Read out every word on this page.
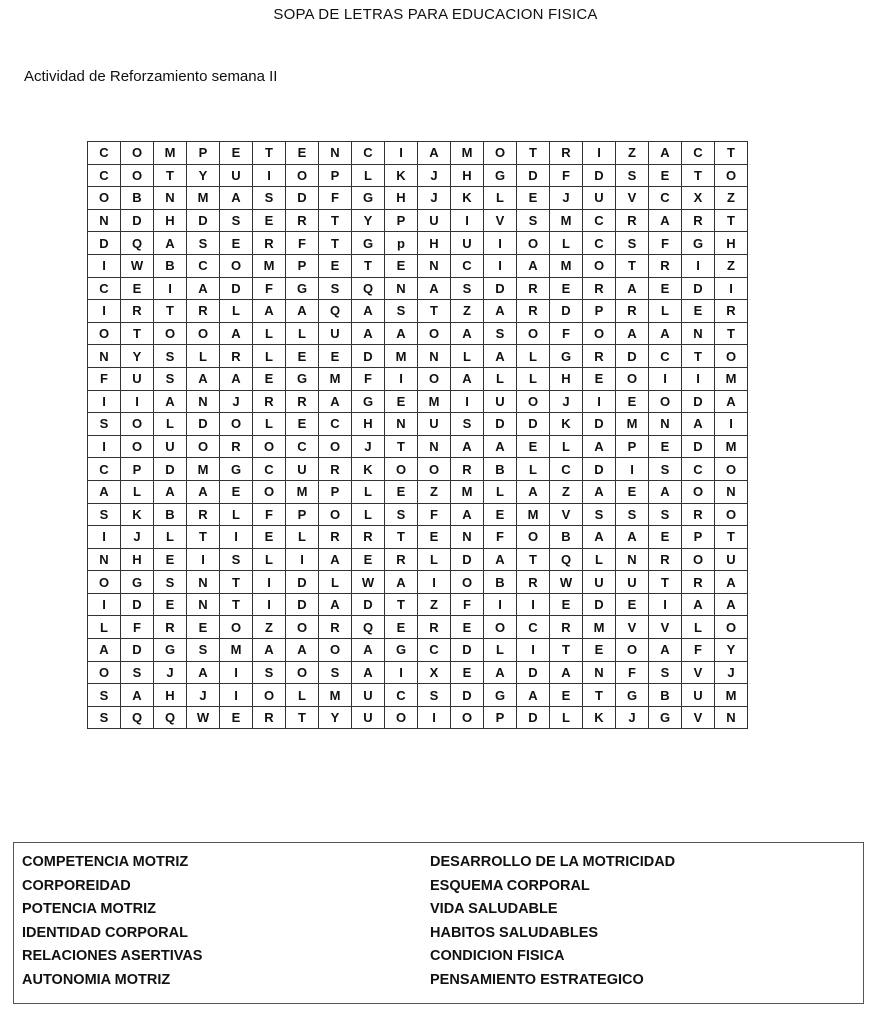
SOPA DE LETRAS PARA EDUCACION FISICA
Actividad de Reforzamiento semana II
C	O	M	P	E	T	E	N	C	I	A	M	O	T	R	I	Z	A	C	T
C	O	T	Y	U	I	O	P	L	K	J	H	G	D	F	D	S	E	T	O
O	B	N	M	A	S	D	F	G	H	J	K	L	E	J	U	V	C	X	Z
N	D	H	D	S	E	R	T	Y	P	U	I	V	S	M	C	R	A	R	T
D	Q	A	S	E	R	F	T	G	p	H	U	I	O	L	C	S	F	G	H
I	W	B	C	O	M	P	E	T	E	N	C	I	A	M	O	T	R	I	Z
C	E	I	A	D	F	G	S	Q	N	A	S	D	R	E	R	A	E	D	I
I	R	T	R	L	A	A	Q	A	S	T	Z	A	R	D	P	R	L	E	R
O	T	O	O	A	L	L	U	A	A	O	A	S	O	F	O	A	A	N	T
N	Y	S	L	R	L	E	E	D	M	N	L	A	L	G	R	D	C	T	O
F	U	S	A	A	E	G	M	F	I	O	A	L	L	H	E	O	I	I	M
I	I	A	N	J	R	R	A	G	E	M	I	U	O	J	I	E	O	D	A
S	O	L	D	O	L	E	C	H	N	U	S	D	D	K	D	M	N	A	I
I	O	U	O	R	O	C	O	J	T	N	A	A	E	L	A	P	E	D	M
C	P	D	M	G	C	U	R	K	O	O	R	B	L	C	D	I	S	C	O
A	L	A	A	E	O	M	P	L	E	Z	M	L	A	Z	A	E	A	O	N
S	K	B	R	L	F	P	O	L	S	F	A	E	M	V	S	S	S	R	O
I	J	L	T	I	E	L	R	R	T	E	N	F	O	B	A	A	E	P	T
N	H	E	I	S	L	I	A	E	R	L	D	A	T	Q	L	N	R	O	U
O	G	S	N	T	I	D	L	W	A	I	O	B	R	W	U	U	T	R	A
I	D	E	N	T	I	D	A	D	T	Z	F	I	I	E	D	E	I	A	A
L	F	R	E	O	Z	O	R	Q	E	R	E	O	C	R	M	V	V	L	O
A	D	G	S	M	A	A	O	A	G	C	D	L	I	T	E	O	A	F	Y
O	S	J	A	I	S	O	S	A	I	X	E	A	D	A	N	F	S	V	J
S	A	H	J	I	O	L	M	U	C	S	D	G	A	E	T	G	B	U	M
S	Q	Q	W	E	R	T	Y	U	O	I	O	P	D	L	K	J	G	V	N
COMPETENCIA MOTRIZ
CORPOREIDAD
POTENCIA MOTRIZ
IDENTIDAD CORPORAL
RELACIONES ASERTIVAS
AUTONOMIA MOTRIZ
DESARROLLO DE LA MOTRICIDAD
ESQUEMA CORPORAL
VIDA SALUDABLE
HABITOS SALUDABLES
CONDICION FISICA
PENSAMIENTO ESTRATEGICO
